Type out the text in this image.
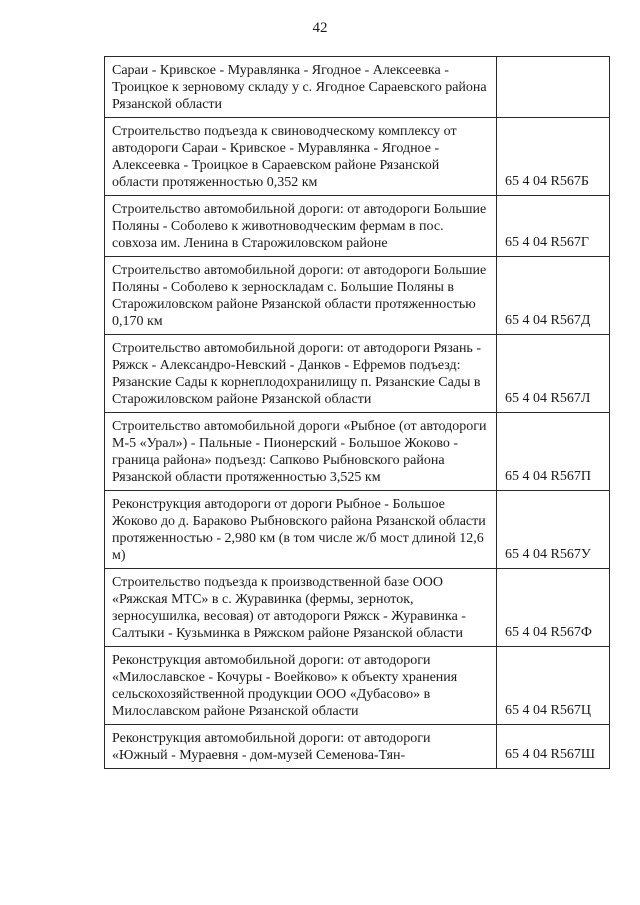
42
Сараи - Кривское - Муравлянка - Ягодное - Алексеевка - Троицкое к зерновому складу у с. Ягодное Сараевского района Рязанской области	
Строительство подъезда к свиноводческому комплексу от автодороги Сараи - Кривское - Муравлянка - Ягодное - Алексеевка - Троицкое в Сараевском районе Рязанской области протяженностью 0,352 км	65 4 04 R567Б
Строительство автомобильной дороги: от автодороги Большие Поляны - Соболево к животноводческим фермам в пос. совхоза им. Ленина в Старожиловском районе	65 4 04 R567Г
Строительство автомобильной дороги: от автодороги Большие Поляны - Соболево к зерноскладам с. Большие Поляны в Старожиловском районе Рязанской области протяженностью 0,170 км	65 4 04 R567Д
Строительство автомобильной дороги: от автодороги Рязань - Ряжск - Александро-Невский - Данков - Ефремов подъезд: Рязанские Сады к корнеплодохранилищу п. Рязанские Сады в Старожиловском районе Рязанской области	65 4 04 R567Л
Строительство автомобильной дороги «Рыбное (от автодороги М-5 «Урал») - Пальные - Пионерский - Большое Жоково - граница района» подъезд: Сапково Рыбновского района Рязанской области протяженностью 3,525 км	65 4 04 R567П
Реконструкция автодороги от дороги Рыбное - Большое Жоково до д. Бараково Рыбновского района Рязанской области протяженностью - 2,980 км (в том числе ж/б мост длиной 12,6 м)	65 4 04 R567У
Строительство подъезда к производственной базе ООО «Ряжская МТС» в с. Журавинка (фермы, зерноток, зерносушилка, весовая) от автодороги Ряжск - Журавинка - Салтыки - Кузьминка в Ряжском районе Рязанской области	65 4 04 R567Ф
Реконструкция автомобильной дороги: от автодороги «Милославское - Кочуры - Воейково» к объекту хранения сельскохозяйственной продукции ООО «Дубасово» в Милославском районе Рязанской области	65 4 04 R567Ц
Реконструкция автомобильной дороги: от автодороги «Южный - Мураевня - дом-музей Семенова-Тян-	65 4 04 R567Ш
